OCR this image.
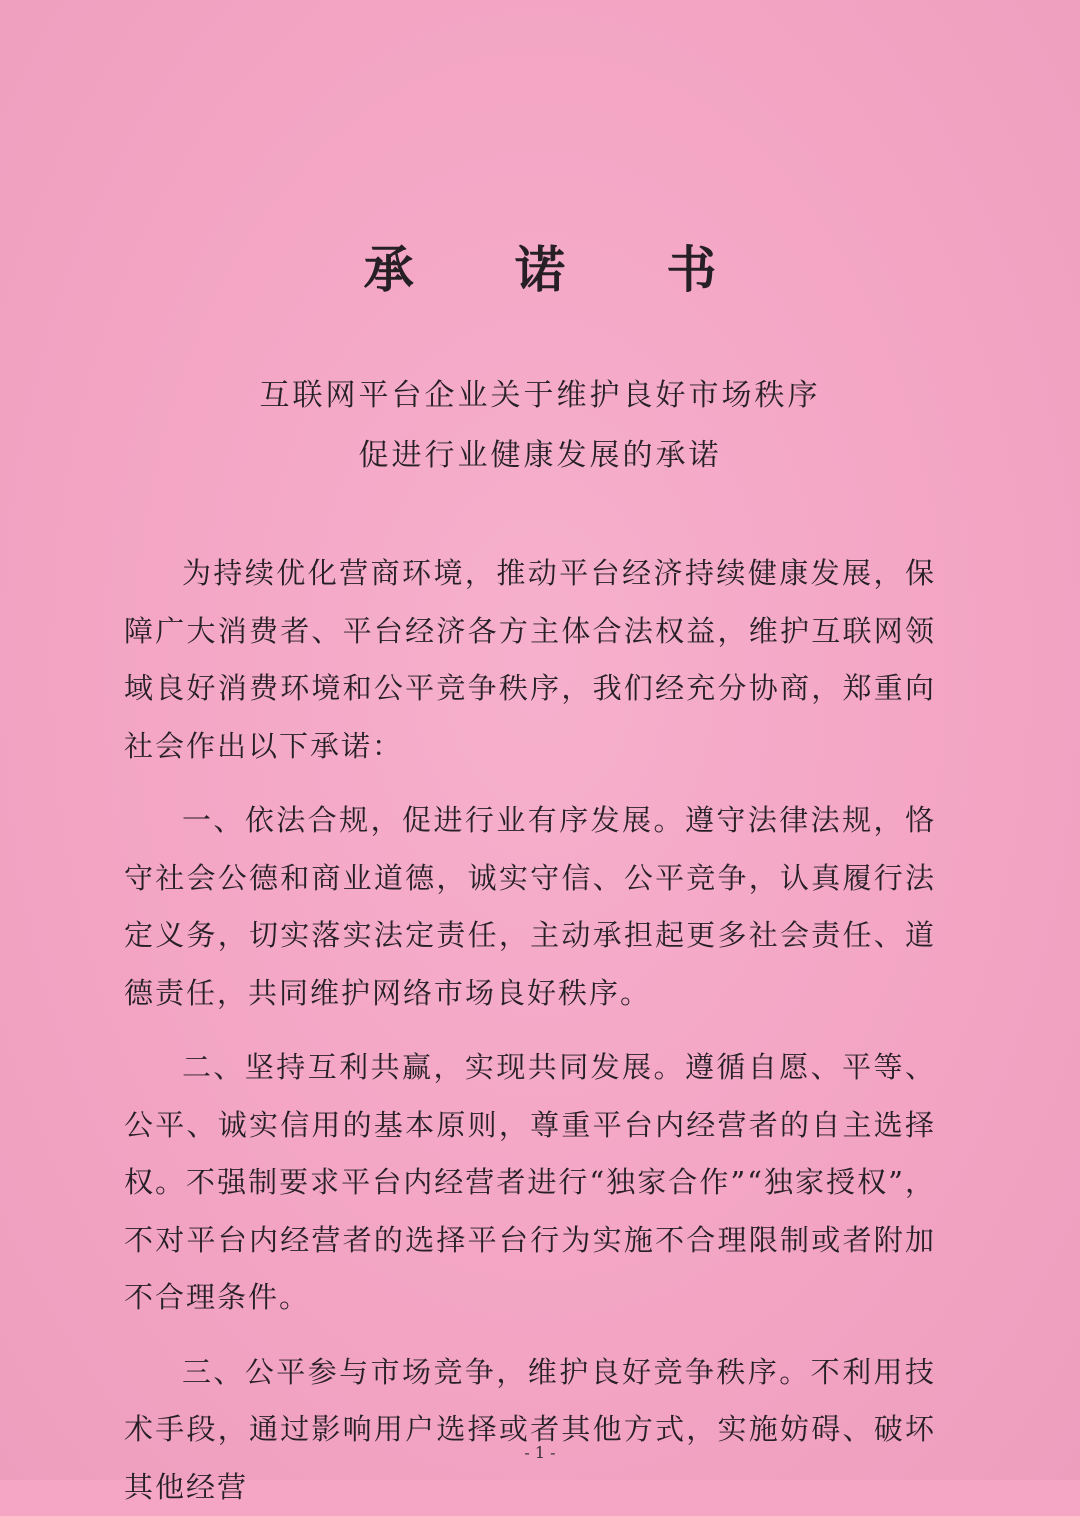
承 诺 书
互联网平台企业关于维护良好市场秩序
促进行业健康发展的承诺

为持续优化营商环境，推动平台经济持续健康发展，保障广大消费者、平台经济各方主体合法权益，维护互联网领域良好消费环境和公平竞争秩序，我们经充分协商，郑重向社会作出以下承诺：

一、依法合规，促进行业有序发展。遵守法律法规，恪守社会公德和商业道德，诚实守信、公平竞争，认真履行法定义务，切实落实法定责任，主动承担起更多社会责任、道德责任，共同维护网络市场良好秩序。

二、坚持互利共赢，实现共同发展。遵循自愿、平等、公平、诚实信用的基本原则，尊重平台内经营者的自主选择权。不强制要求平台内经营者进行“独家合作”“独家授权”，不对平台内经营者的选择平台行为实施不合理限制或者附加不合理条件。

三、公平参与市场竞争，维护良好竞争秩序。不利用技术手段，通过影响用户选择或者其他方式，实施妨碍、破坏其他经营

- 1 -
